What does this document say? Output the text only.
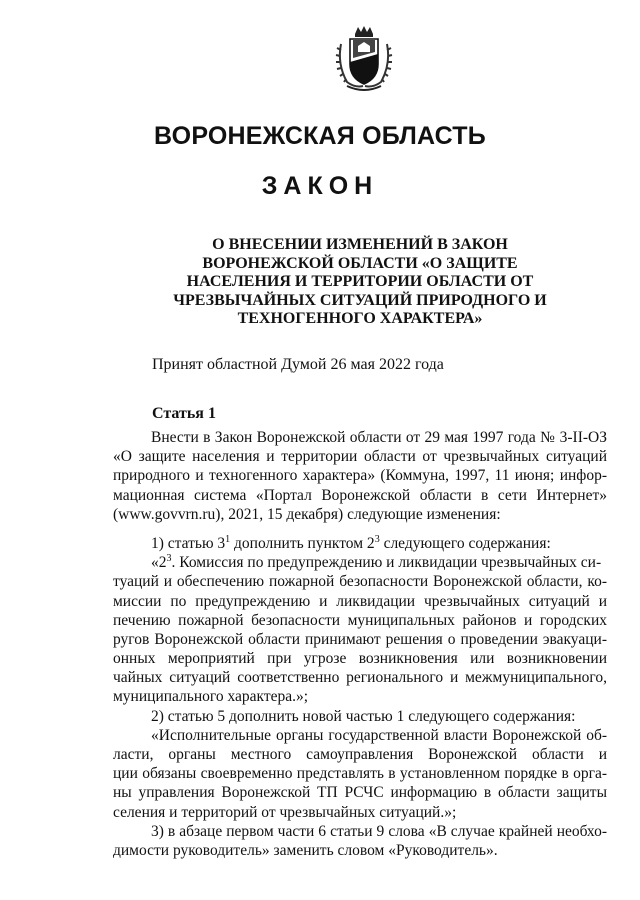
ВОРОНЕЖСКАЯ ОБЛАСТЬ
ЗАКОН
О ВНЕСЕНИИ ИЗМЕНЕНИЙ В ЗАКОН
ВОРОНЕЖСКОЙ ОБЛАСТИ «О ЗАЩИТЕ
НАСЕЛЕНИЯ И ТЕРРИТОРИИ ОБЛАСТИ ОТ
ЧРЕЗВЫЧАЙНЫХ СИТУАЦИЙ ПРИРОДНОГО И
ТЕХНОГЕННОГО ХАРАКТЕРА»
Принят областной Думой 26 мая 2022 года
Статья 1
Внести в Закон Воронежской области от 29 мая 1997 года № 3-II-ОЗ
«О защите населения и территории области от чрезвычайных ситуаций
природного и техногенного характера» (Коммуна, 1997, 11 июня; инфор-
мационная система «Портал Воронежской области в сети Интернет»
(www.govvrn.ru), 2021, 15 декабря) следующие изменения:
1) статью $3^1$ дополнить пунктом $2^3$ следующего содержания:
«$2^3$. Комиссия по предупреждению и ликвидации чрезвычайных си-
туаций и обеспечению пожарной безопасности Воронежской области, ко-
миссии по предупреждению и ликвидации чрезвычайных ситуаций и
печению пожарной безопасности муниципальных районов и городских
ругов Воронежской области принимают решения о проведении эвакуаци-
онных мероприятий при угрозе возникновения или возникновении
чайных ситуаций соответственно регионального и межмуниципального,
муниципального характера.»;
2) статью 5 дополнить новой частью 1 следующего содержания:
«Исполнительные органы государственной власти Воронежской об-
ласти, органы местного самоуправления Воронежской области и
ции обязаны своевременно представлять в установленном порядке в орга-
ны управления Воронежской ТП РСЧС информацию в области защиты
селения и территорий от чрезвычайных ситуаций.»;
3) в абзаце первом части 6 статьи 9 слова «В случае крайней необхо-
димости руководитель» заменить словом «Руководитель».
